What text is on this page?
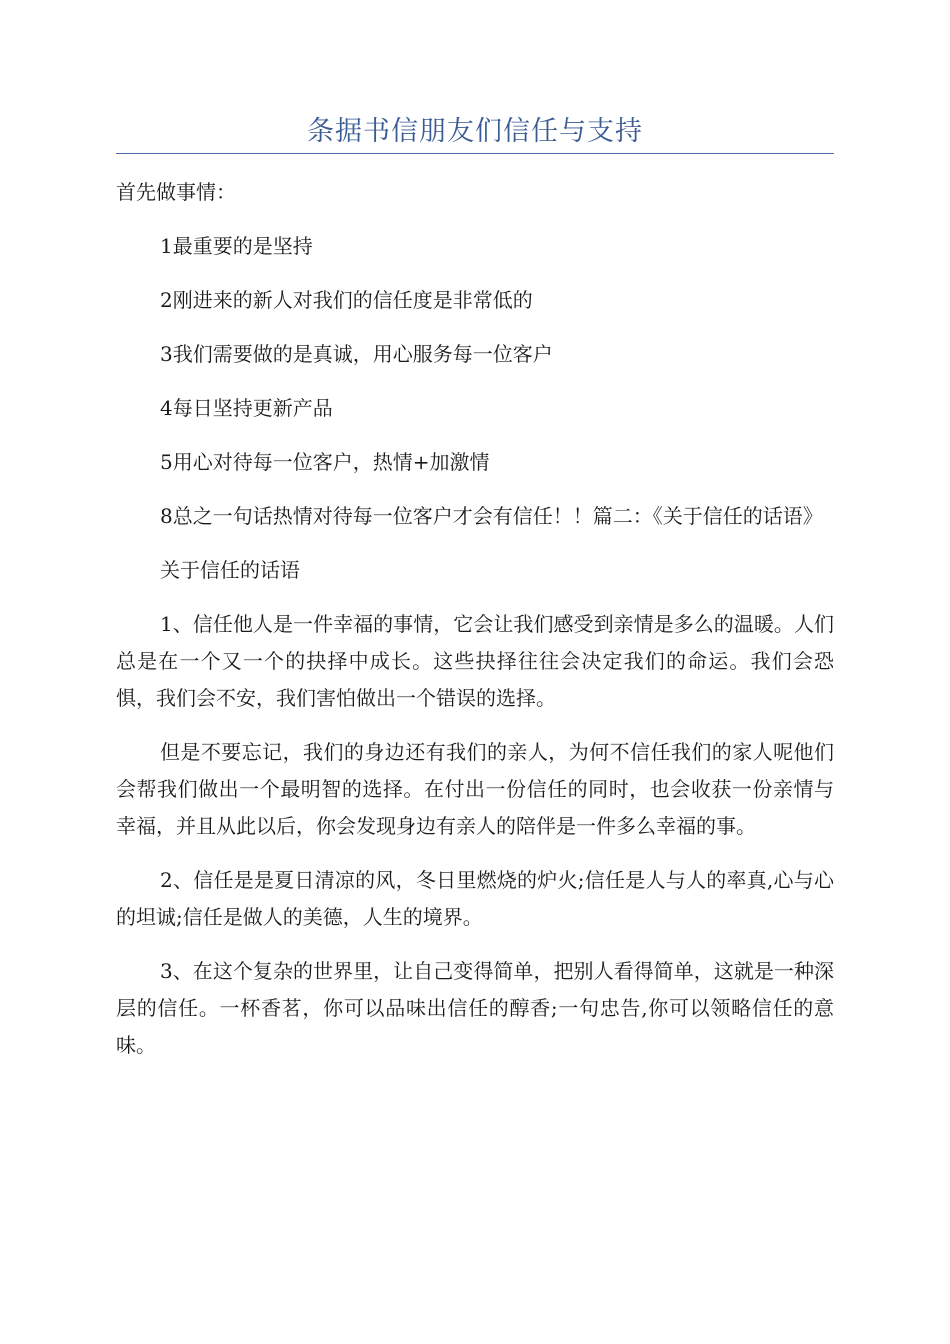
条据书信朋友们信任与支持

首先做事情：

1最重要的是坚持

2刚进来的新人对我们的信任度是非常低的

3我们需要做的是真诚，用心服务每一位客户

4每日坚持更新产品

5用心对待每一位客户，热情+加激情

8总之一句话热情对待每一位客户才会有信任！！篇二：《关于信任的话语》

关于信任的话语

1、信任他人是一件幸福的事情，它会让我们感受到亲情是多么的温暖。人们总是在一个又一个的抉择中成长。这些抉择往往会决定我们的命运。我们会恐惧，我们会不安，我们害怕做出一个错误的选择。

但是不要忘记，我们的身边还有我们的亲人，为何不信任我们的家人呢他们会帮我们做出一个最明智的选择。在付出一份信任的同时，也会收获一份亲情与幸福，并且从此以后，你会发现身边有亲人的陪伴是一件多么幸福的事。

2、信任是是夏日清凉的风，冬日里燃烧的炉火;信任是人与人的率真,心与心的坦诚;信任是做人的美德，人生的境界。

3、在这个复杂的世界里，让自己变得简单，把别人看得简单，这就是一种深层的信任。一杯香茗，你可以品味出信任的醇香;一句忠告,你可以领略信任的意味。
